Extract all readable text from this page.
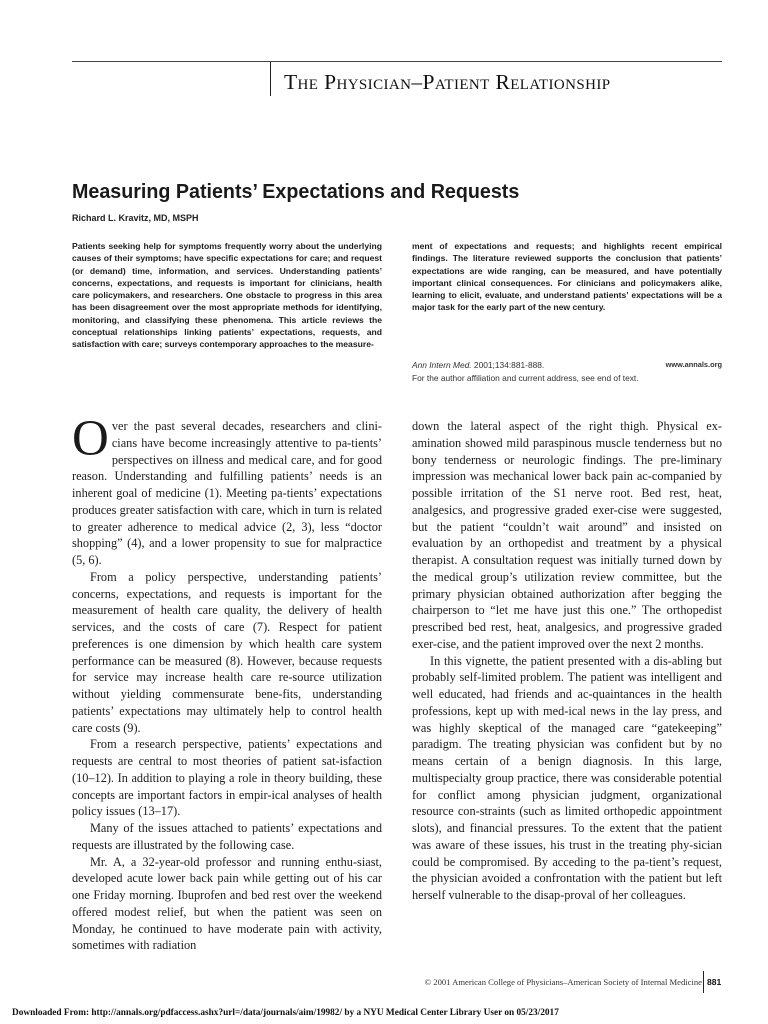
The Physician–Patient Relationship
Measuring Patients’ Expectations and Requests
Richard L. Kravitz, MD, MSPH
Patients seeking help for symptoms frequently worry about the underlying causes of their symptoms; have specific expectations for care; and request (or demand) time, information, and services. Understanding patients’ concerns, expectations, and requests is important for clinicians, health care policymakers, and researchers. One obstacle to progress in this area has been disagreement over the most appropriate methods for identifying, monitoring, and classifying these phenomena. This article reviews the conceptual relationships linking patients’ expectations, requests, and satisfaction with care; surveys contemporary approaches to the measure-
ment of expectations and requests; and highlights recent empirical findings. The literature reviewed supports the conclusion that patients’ expectations are wide ranging, can be measured, and have potentially important clinical consequences. For clinicians and policymakers alike, learning to elicit, evaluate, and understand patients’ expectations will be a major task for the early part of the new century.
Ann Intern Med. 2001;134:881-888.	www.annals.org
For the author affiliation and current address, see end of text.

Over the past several decades, researchers and clini-cians have become increasingly attentive to pa-tients’ perspectives on illness and medical care, and for good reason. Understanding and fulfilling patients’ needs is an inherent goal of medicine (1). Meeting pa-tients’ expectations produces greater satisfaction with care, which in turn is related to greater adherence to medical advice (2, 3), less “doctor shopping” (4), and a lower propensity to sue for malpractice (5, 6).

From a policy perspective, understanding patients’ concerns, expectations, and requests is important for the measurement of health care quality, the delivery of health services, and the costs of care (7). Respect for patient preferences is one dimension by which health care system performance can be measured (8). However, because requests for service may increase health care re-source utilization without yielding commensurate bene-fits, understanding patients’ expectations may ultimately help to control health care costs (9).

From a research perspective, patients’ expectations and requests are central to most theories of patient sat-isfaction (10–12). In addition to playing a role in theory building, these concepts are important factors in empir-ical analyses of health policy issues (13–17).

Many of the issues attached to patients’ expectations and requests are illustrated by the following case.

Mr. A, a 32-year-old professor and running enthu-siast, developed acute lower back pain while getting out of his car one Friday morning. Ibuprofen and bed rest over the weekend offered modest relief, but when the patient was seen on Monday, he continued to have moderate pain with activity, sometimes with radiation

down the lateral aspect of the right thigh. Physical ex-amination showed mild paraspinous muscle tenderness but no bony tenderness or neurologic findings. The pre-liminary impression was mechanical lower back pain ac-companied by possible irritation of the S1 nerve root. Bed rest, heat, analgesics, and progressive graded exer-cise were suggested, but the patient “couldn’t wait around” and insisted on evaluation by an orthopedist and treatment by a physical therapist. A consultation request was initially turned down by the medical group’s utilization review committee, but the primary physician obtained authorization after begging the chairperson to “let me have just this one.” The orthopedist prescribed bed rest, heat, analgesics, and progressive graded exer-cise, and the patient improved over the next 2 months.

In this vignette, the patient presented with a dis-abling but probably self-limited problem. The patient was intelligent and well educated, had friends and ac-quaintances in the health professions, kept up with med-ical news in the lay press, and was highly skeptical of the managed care “gatekeeping” paradigm. The treating physician was confident but by no means certain of a benign diagnosis. In this large, multispecialty group practice, there was considerable potential for conflict among physician judgment, organizational resource con-straints (such as limited orthopedic appointment slots), and financial pressures. To the extent that the patient was aware of these issues, his trust in the treating phy-sician could be compromised. By acceding to the pa-tient’s request, the physician avoided a confrontation with the patient but left herself vulnerable to the disap-proval of her colleagues.

© 2001 American College of Physicians–American Society of Internal Medicine 881
Downloaded From: http://annals.org/pdfaccess.ashx?url=/data/journals/aim/19982/ by a NYU Medical Center Library User on 05/23/2017
